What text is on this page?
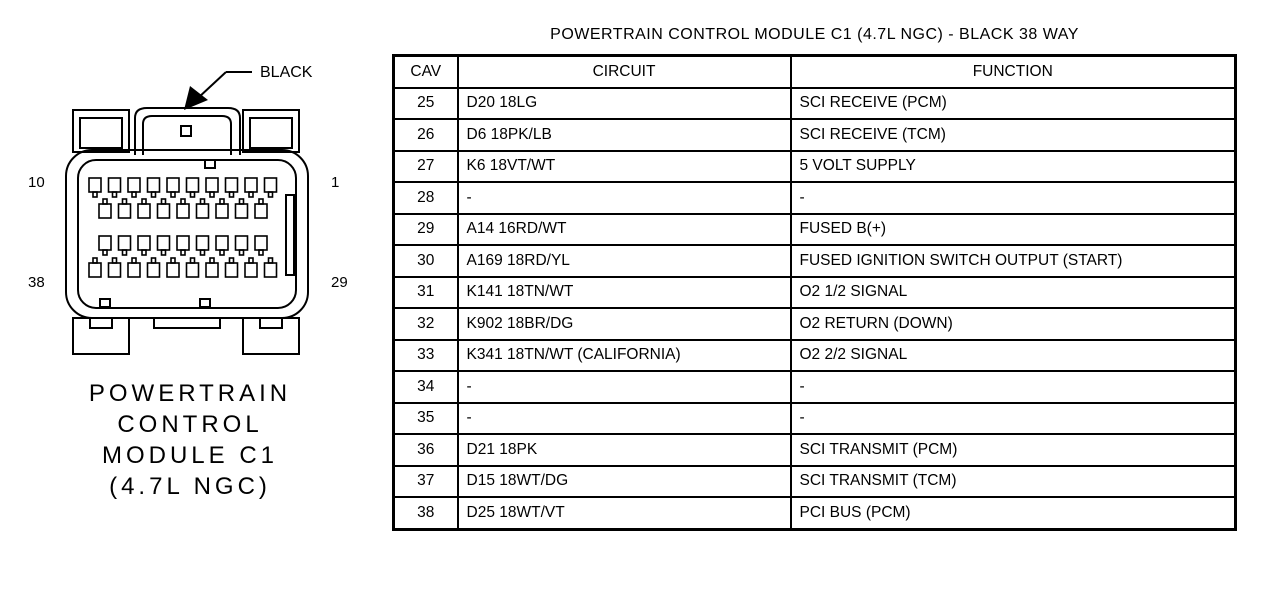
BLACK
10	1
38	29
POWERTRAIN
CONTROL
MODULE C1
(4.7L NGC)
POWERTRAIN CONTROL MODULE C1 (4.7L NGC) - BLACK 38 WAY
CAV	CIRCUIT	FUNCTION
25	D20 18LG	SCI RECEIVE (PCM)
26	D6 18PK/LB	SCI RECEIVE (TCM)
27	K6 18VT/WT	5 VOLT SUPPLY
28	-	-
29	A14 16RD/WT	FUSED B(+)
30	A169 18RD/YL	FUSED IGNITION SWITCH OUTPUT (START)
31	K141 18TN/WT	O2 1/2 SIGNAL
32	K902 18BR/DG	O2 RETURN (DOWN)
33	K341 18TN/WT (CALIFORNIA)	O2 2/2 SIGNAL
34	-	-
35	-	-
36	D21 18PK	SCI TRANSMIT (PCM)
37	D15 18WT/DG	SCI TRANSMIT (TCM)
38	D25 18WT/VT	PCI BUS (PCM)
